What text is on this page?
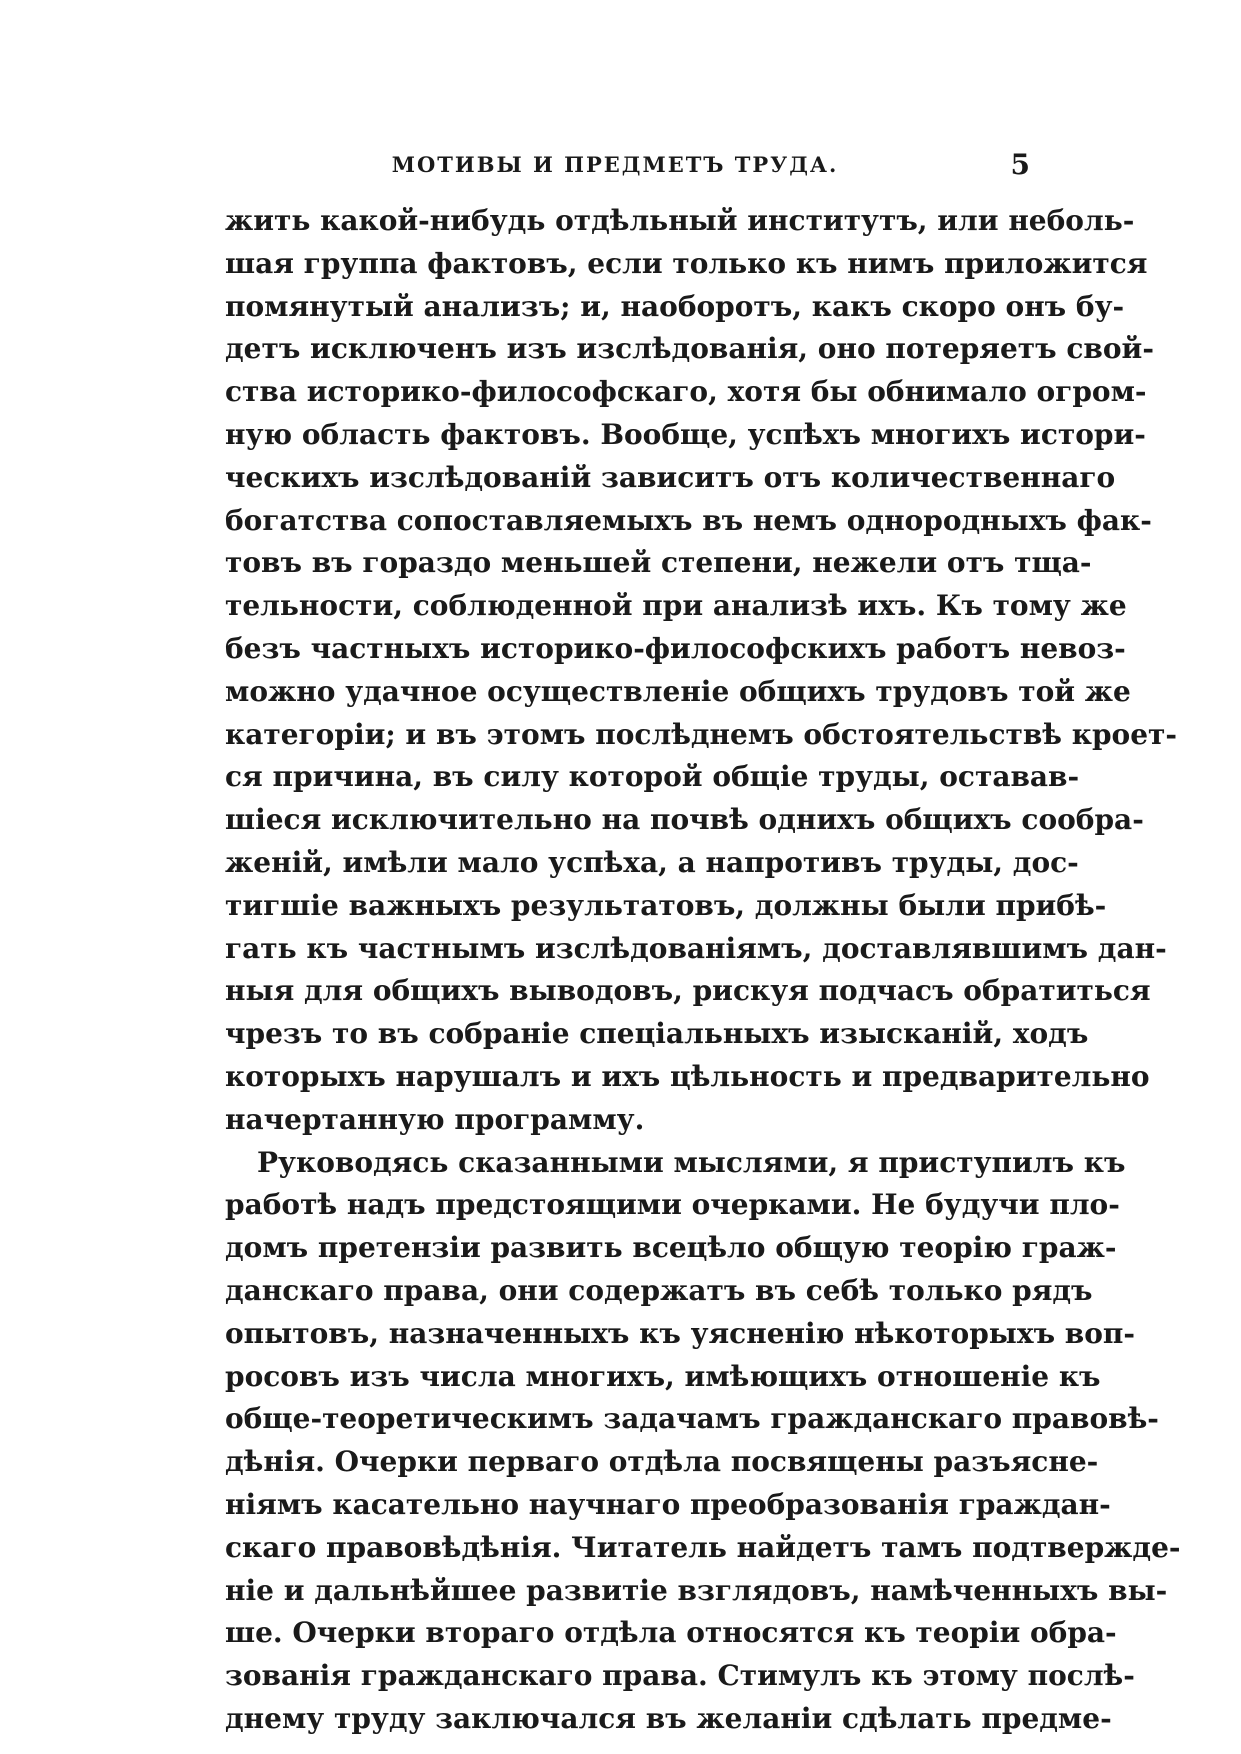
МОТИВЫ И ПРЕДМЕТЪ ТРУДА.	5
жить какой-нибудь отдѣльный институтъ, или неболь-
шая группа фактовъ, если только къ нимъ приложится
помянутый анализъ; и, наоборотъ, какъ скоро онъ бу-
детъ исключенъ изъ изслѣдованія, оно потеряетъ свой-
ства историко-философскаго, хотя бы обнимало огром-
ную область фактовъ. Вообще, успѣхъ многихъ истори-
ческихъ изслѣдованій зависитъ отъ количественнаго
богатства сопоставляемыхъ въ немъ однородныхъ фак-
товъ въ гораздо меньшей степени, нежели отъ тща-
тельности, соблюденной при анализѣ ихъ. Къ тому же
безъ частныхъ историко-философскихъ работъ невоз-
можно удачное осуществленіе общихъ трудовъ той же
категоріи; и въ этомъ послѣднемъ обстоятельствѣ кроет-
ся причина, въ силу которой общіе труды, оставав-
шіеся исключительно на почвѣ однихъ общихъ сообра-
женій, имѣли мало успѣха, а напротивъ труды, дос-
тигшіе важныхъ результатовъ, должны были прибѣ-
гать къ частнымъ изслѣдованіямъ, доставлявшимъ дан-
ныя для общихъ выводовъ, рискуя подчасъ обратиться
чрезъ то въ собраніе спеціальныхъ изысканій, ходъ
которыхъ нарушалъ и ихъ цѣльность и предварительно
начертанную программу.
Руководясь сказанными мыслями, я приступилъ къ
работѣ надъ предстоящими очерками. Не будучи пло-
домъ претензіи развить всецѣло общую теорію граж-
данскаго права, они содержатъ въ себѣ только рядъ
опытовъ, назначенныхъ къ уясненію нѣкоторыхъ воп-
росовъ изъ числа многихъ, имѣющихъ отношеніе къ
обще-теоретическимъ задачамъ гражданскаго правовѣ-
дѣнія. Очерки перваго отдѣла посвящены разъясне-
ніямъ касательно научнаго преобразованія граждан-
скаго правовѣдѣнія. Читатель найдетъ тамъ подтвержде-
ніе и дальнѣйшее развитіе взглядовъ, намѣченныхъ вы-
ше. Очерки втораго отдѣла относятся къ теоріи обра-
зованія гражданскаго права. Стимулъ къ этому послѣ-
днему труду заключался въ желаніи сдѣлать предме-
